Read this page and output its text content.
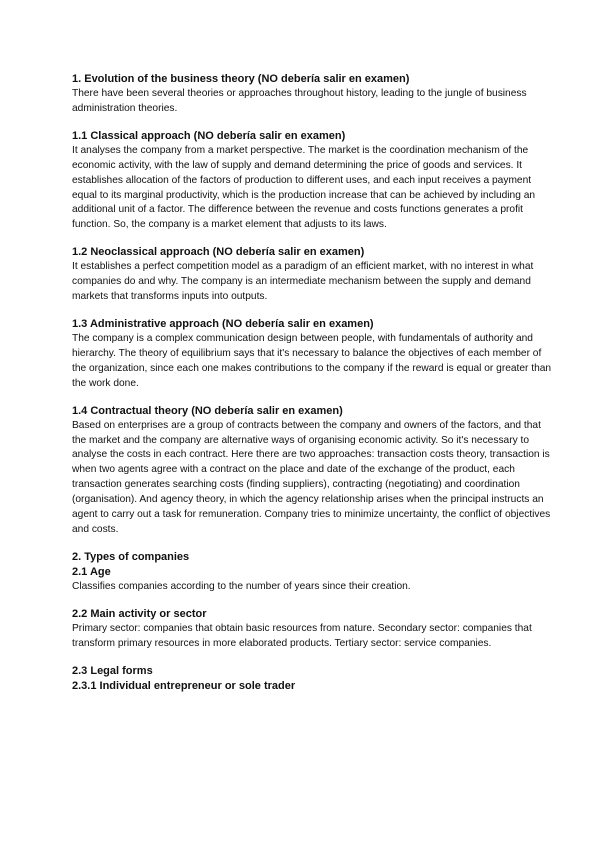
1. Evolution of the business theory (NO debería salir en examen)

There have been several theories or approaches throughout history, leading to the jungle of business administration theories.

1.1 Classical approach (NO debería salir en examen)

It analyses the company from a market perspective. The market is the coordination mechanism of the economic activity, with the law of supply and demand determining the price of goods and services. It establishes allocation of the factors of production to different uses, and each input receives a payment equal to its marginal productivity, which is the production increase that can be achieved by including an additional unit of a factor. The difference between the revenue and costs functions generates a profit function. So, the company is a market element that adjusts to its laws.

1.2 Neoclassical approach (NO debería salir en examen)

It establishes a perfect competition model as a paradigm of an efficient market, with no interest in what companies do and why. The company is an intermediate mechanism between the supply and demand markets that transforms inputs into outputs.

1.3 Administrative approach (NO debería salir en examen)

The company is a complex communication design between people, with fundamentals of authority and hierarchy. The theory of equilibrium says that it's necessary to balance the objectives of each member of the organization, since each one makes contributions to the company if the reward is equal or greater than the work done.

1.4 Contractual theory (NO debería salir en examen)

Based on enterprises are a group of contracts between the company and owners of the factors, and that the market and the company are alternative ways of organising economic activity. So it's necessary to analyse the costs in each contract. Here there are two approaches: transaction costs theory, transaction is when two agents agree with a contract on the place and date of the exchange of the product, each transaction generates searching costs (finding suppliers), contracting (negotiating) and coordination (organisation). And agency theory, in which the agency relationship arises when the principal instructs an agent to carry out a task for remuneration. Company tries to minimize uncertainty, the conflict of objectives and costs.

2. Types of companies

2.1 Age

Classifies companies according to the number of years since their creation.

2.2 Main activity or sector

Primary sector: companies that obtain basic resources from nature. Secondary sector: companies that transform primary resources in more elaborated products. Tertiary sector: service companies.

2.3 Legal forms

2.3.1 Individual entrepreneur or sole trader
